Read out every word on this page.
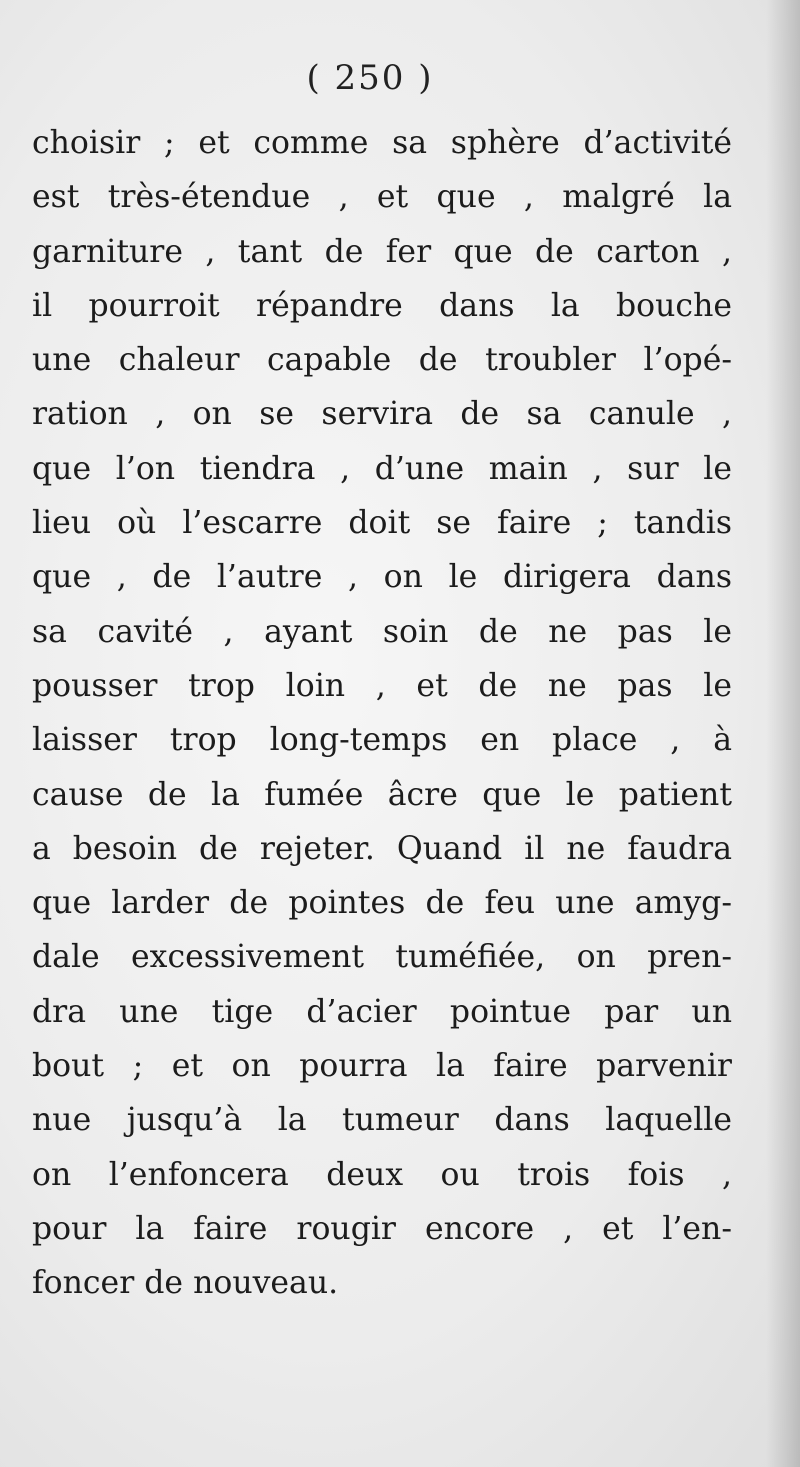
( 250 )
choisir ; et comme sa sphère d’activité
est très-étendue , et que , malgré la
garniture , tant de fer que de carton ,
il pourroit répandre dans la bouche
une chaleur capable de troubler l’opé-
ration , on se servira de sa canule ,
que l’on tiendra , d’une main , sur le
lieu où l’escarre doit se faire ; tandis
que , de l’autre , on le dirigera dans
sa cavité , ayant soin de ne pas le
pousser trop loin , et de ne pas le
laisser trop long-temps en place , à
cause de la fumée âcre que le patient
a besoin de rejeter. Quand il ne faudra
que larder de pointes de feu une amyg-
dale excessivement tuméfiée, on pren-
dra une tige d’acier pointue par un
bout ; et on pourra la faire parvenir
nue jusqu’à la tumeur dans laquelle
on l’enfoncera deux ou trois fois ,
pour la faire rougir encore , et l’en-
foncer de nouveau.
